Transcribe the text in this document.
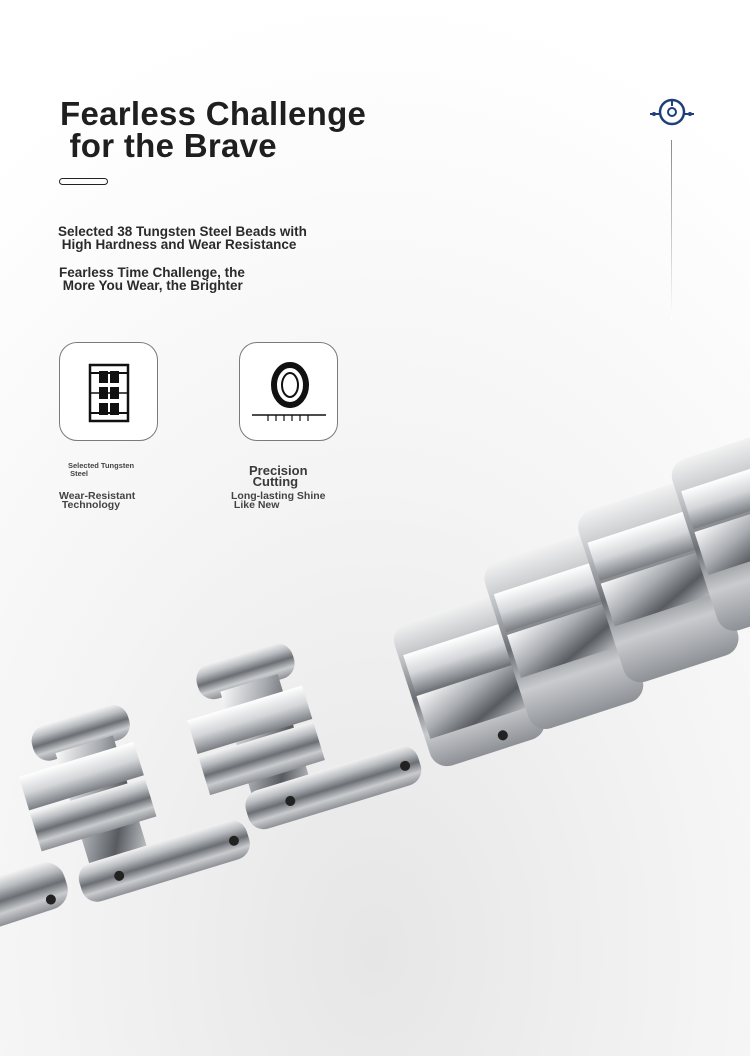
Fearless Challenge
for the Brave
Selected 38 Tungsten Steel Beads with
High Hardness and Wear Resistance
Fearless Time Challenge, the
More You Wear, the Brighter
Selected Tungsten
Steel
Wear-Resistant
Technology
Precision
Cutting
Long-lasting Shine
Like New
